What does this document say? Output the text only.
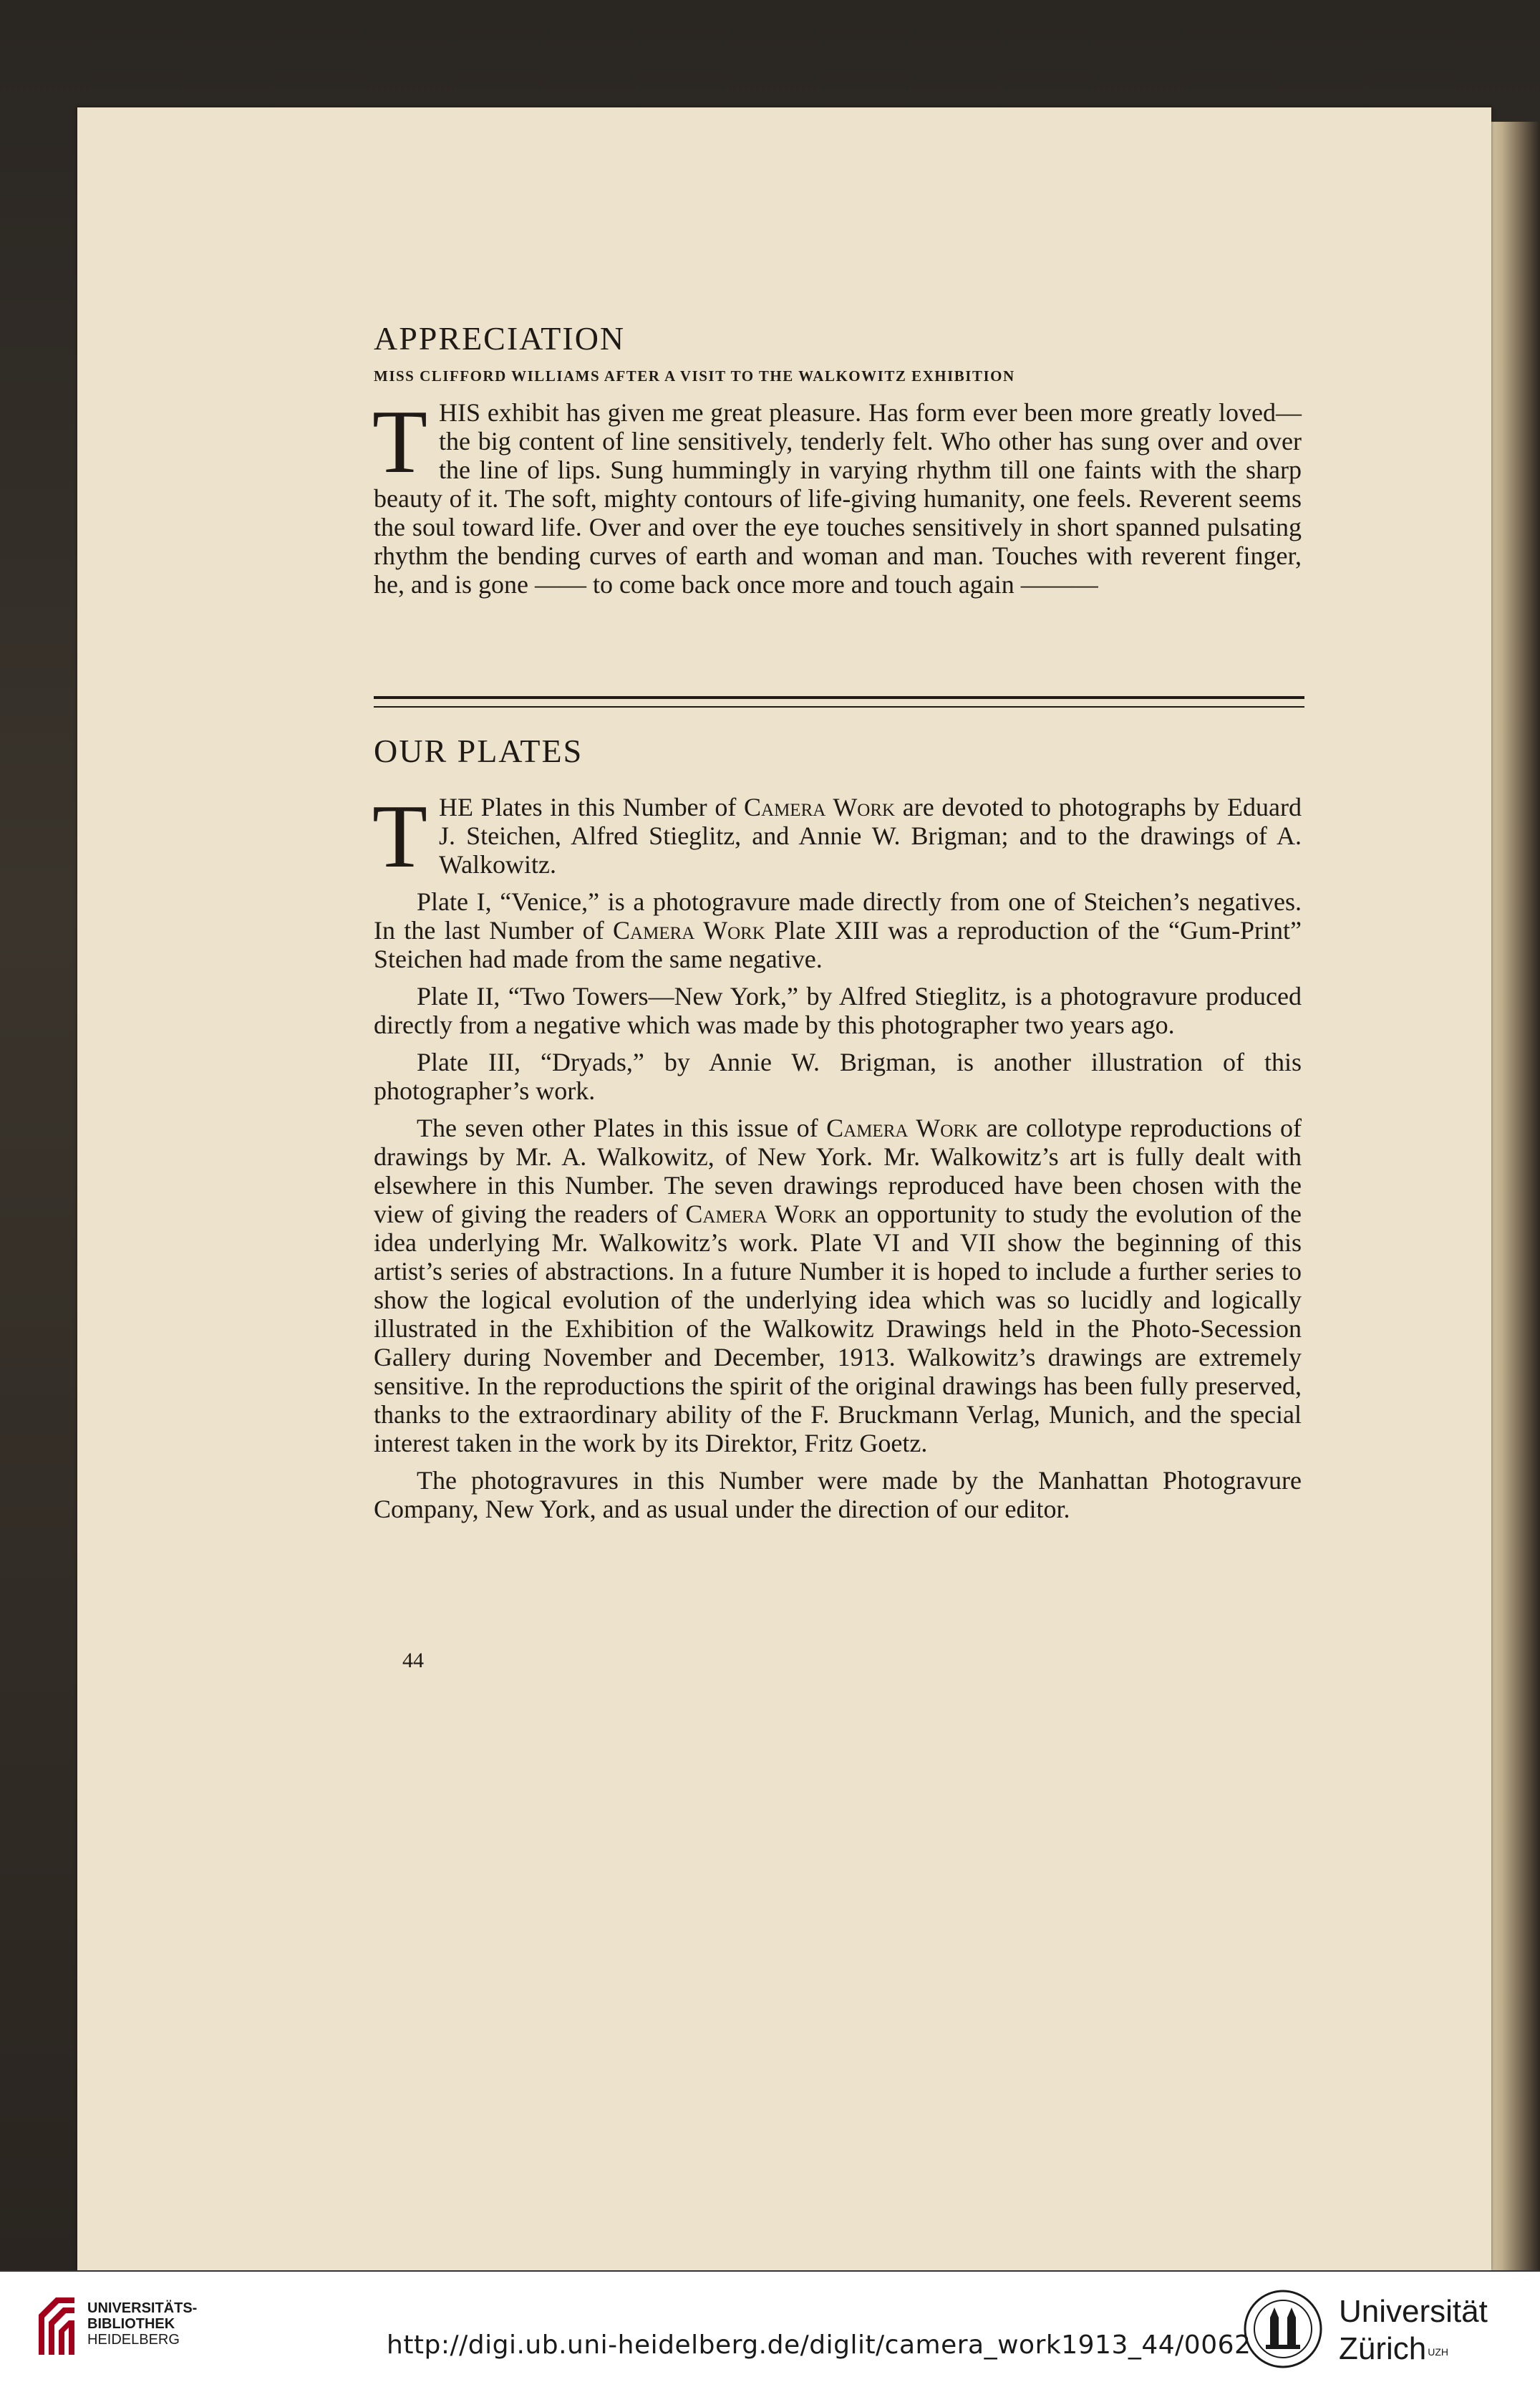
APPRECIATION
MISS CLIFFORD WILLIAMS AFTER A VISIT TO THE WALKOWITZ EXHIBITION

THIS exhibit has given me great pleasure. Has form ever been more greatly loved—the big content of line sensitively, tenderly felt. Who other has sung over and over the line of lips. Sung hummingly in varying rhythm till one faints with the sharp beauty of it. The soft, mighty contours of life-giving humanity, one feels. Reverent seems the soul toward life. Over and over the eye touches sensitively in short spanned pulsating rhythm the bending curves of earth and woman and man. Touches with reverent finger, he, and is gone —— to come back once more and touch again ———

OUR PLATES

THE Plates in this Number of Camera Work are devoted to photographs by Eduard J. Steichen, Alfred Stieglitz, and Annie W. Brigman; and to the drawings of A. Walkowitz.

Plate I, “Venice,” is a photogravure made directly from one of Steichen’s negatives. In the last Number of Camera Work Plate XIII was a reproduction of the “Gum-Print” Steichen had made from the same negative.

Plate II, “Two Towers—New York,” by Alfred Stieglitz, is a photogravure produced directly from a negative which was made by this photographer two years ago.

Plate III, “Dryads,” by Annie W. Brigman, is another illustration of this photographer’s work.

The seven other Plates in this issue of Camera Work are collotype reproductions of drawings by Mr. A. Walkowitz, of New York. Mr. Walkowitz’s art is fully dealt with elsewhere in this Number. The seven drawings reproduced have been chosen with the view of giving the readers of Camera Work an opportunity to study the evolution of the idea underlying Mr. Walkowitz’s work. Plate VI and VII show the beginning of this artist’s series of abstractions. In a future Number it is hoped to include a further series to show the logical evolution of the underlying idea which was so lucidly and logically illustrated in the Exhibition of the Walkowitz Drawings held in the Photo-Secession Gallery during November and December, 1913. Walkowitz’s drawings are extremely sensitive. In the reproductions the spirit of the original drawings has been fully preserved, thanks to the extraordinary ability of the F. Bruckmann Verlag, Munich, and the special interest taken in the work by its Direktor, Fritz Goetz.

The photogravures in this Number were made by the Manhattan Photogravure Company, New York, and as usual under the direction of our editor.

44
UNIVERSITÄTS-
BIBLIOTHEK
HEIDELBERG	http://digi.ub.uni-heidelberg.de/diglit/camera_work1913_44/0062
Universität
Zürich $^{UZH}$
